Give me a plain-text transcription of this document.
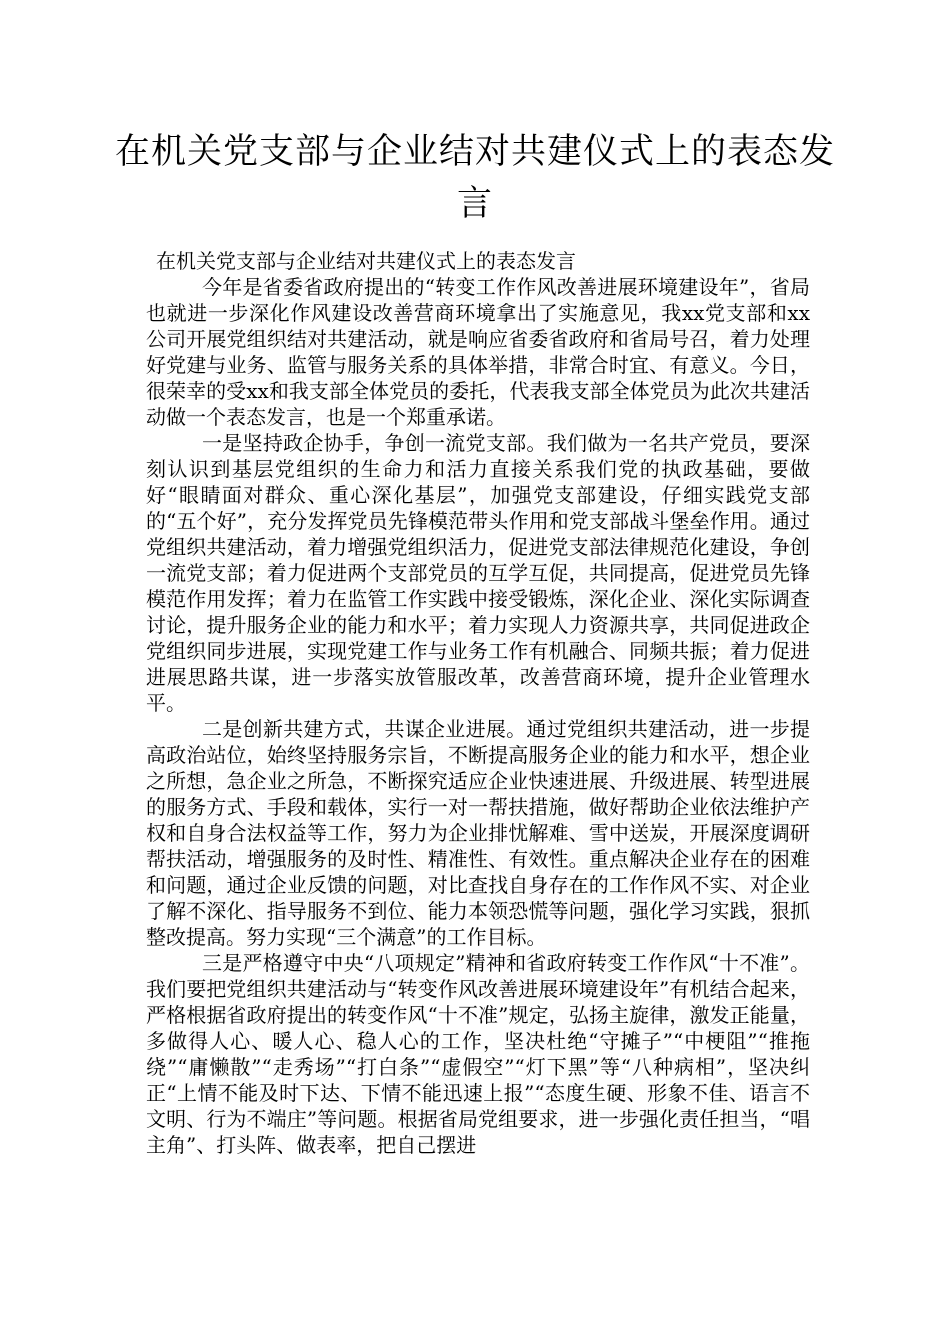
在机关党支部与企业结对共建仪式上的表态发言

在机关党支部与企业结对共建仪式上的表态发言

今年是省委省政府提出的“转变工作作风改善进展环境建设年”，省局也就进一步深化作风建设改善营商环境拿出了实施意见，我xx党支部和xx公司开展党组织结对共建活动，就是响应省委省政府和省局号召，着力处理好党建与业务、监管与服务关系的具体举措，非常合时宜、有意义。今日，很荣幸的受xx和我支部全体党员的委托，代表我支部全体党员为此次共建活动做一个表态发言，也是一个郑重承诺。

一是坚持政企协手，争创一流党支部。我们做为一名共产党员，要深刻认识到基层党组织的生命力和活力直接关系我们党的执政基础，要做好“眼睛面对群众、重心深化基层”，加强党支部建设，仔细实践党支部的“五个好”，充分发挥党员先锋模范带头作用和党支部战斗堡垒作用。通过党组织共建活动，着力增强党组织活力，促进党支部法律规范化建设，争创一流党支部；着力促进两个支部党员的互学互促，共同提高，促进党员先锋模范作用发挥；着力在监管工作实践中接受锻炼，深化企业、深化实际调查讨论，提升服务企业的能力和水平；着力实现人力资源共享，共同促进政企党组织同步进展，实现党建工作与业务工作有机融合、同频共振；着力促进进展思路共谋，进一步落实放管服改革，改善营商环境，提升企业管理水平。

二是创新共建方式，共谋企业进展。通过党组织共建活动，进一步提高政治站位，始终坚持服务宗旨，不断提高服务企业的能力和水平，想企业之所想，急企业之所急，不断探究适应企业快速进展、升级进展、转型进展的服务方式、手段和载体，实行一对一帮扶措施，做好帮助企业依法维护产权和自身合法权益等工作，努力为企业排忧解难、雪中送炭，开展深度调研帮扶活动，增强服务的及时性、精准性、有效性。重点解决企业存在的困难和问题，通过企业反馈的问题，对比查找自身存在的工作作风不实、对企业了解不深化、指导服务不到位、能力本领恐慌等问题，强化学习实践，狠抓整改提高。努力实现“三个满意”的工作目标。

三是严格遵守中央“八项规定”精神和省政府转变工作作风“十不准”。我们要把党组织共建活动与“转变作风改善进展环境建设年”有机结合起来，严格根据省政府提出的转变作风“十不准”规定，弘扬主旋律，激发正能量，多做得人心、暖人心、稳人心的工作，坚决杜绝“守摊子”“中梗阻”“推拖绕”“庸懒散”“走秀场”“打白条”“虚假空”“灯下黑”等“八种病相”，坚决纠正“上情不能及时下达、下情不能迅速上报”“态度生硬、形象不佳、语言不文明、行为不端庄”等问题。根据省局党组要求，进一步强化责任担当，“唱主角”、打头阵、做表率，把自己摆进
